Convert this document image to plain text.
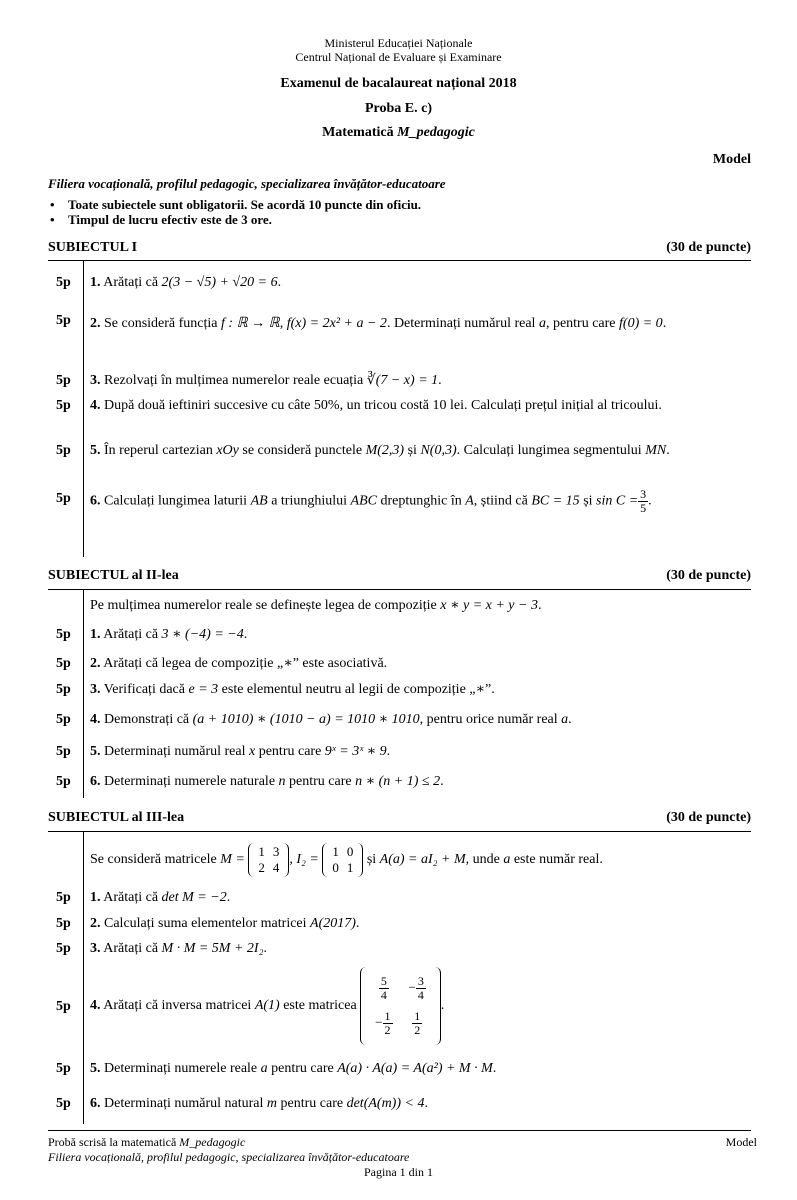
Ministerul Educației Naționale
Centrul Național de Evaluare și Examinare
Examenul de bacalaureat național 2018
Proba E. c)
Matematică M_pedagogic
Model
Filiera vocațională, profilul pedagogic, specializarea învățător-educatoare
• Toate subiectele sunt obligatorii. Se acordă 10 puncte din oficiu.
• Timpul de lucru efectiv este de 3 ore.
SUBIECTUL I	(30 de puncte)
5p 1. Arătați că 2(3 − √5) + √20 = 6.
5p 2. Se consideră funcția f : ℝ → ℝ, f(x) = 2x² + a − 2. Determinați numărul real a, pentru care f(0) = 0.
5p 3. Rezolvați în mulțimea numerelor reale ecuația ∛(7 − x) = 1.
5p 4. După două ieftiniri succesive cu câte 50%, un tricou costă 10 lei. Calculați prețul inițial al tricoului.
5p 5. În reperul cartezian xOy se consideră punctele M(2,3) și N(0,3). Calculați lungimea segmentului MN.
5p 6. Calculați lungimea laturii AB a triunghiului ABC dreptunghic în A, știind că BC = 15 și $\sin C = \frac{3}{5}$ .
SUBIECTUL al II-lea	(30 de puncte)
Pe mulțimea numerelor reale se definește legea de compoziție x ∗ y = x + y − 3.
5p 1. Arătați că 3 ∗ (−4) = −4.
5p 2. Arătați că legea de compoziție „∗” este asociativă.
5p 3. Verificați dacă e = 3 este elementul neutru al legii de compoziție „∗”.
5p 4. Demonstrați că (a + 1010) ∗ (1010 − a) = 1010 ∗ 1010, pentru orice număr real a.
5p 5. Determinați numărul real x pentru care 9ˣ = 3ˣ ∗ 9.
5p 6. Determinați numerele naturale n pentru care n ∗ (n + 1) ≤ 2.
SUBIECTUL al III-lea	(30 de puncte)
Se consideră matricele M =
1	3
2	4
, I₂ =
1	0
0	1
și A(a) = aI₂ + M, unde a este număr real.
5p 1. Arătați că det M = −2.
5p 2. Calculați suma elementelor matricei A(2017).
5p 3. Arătați că M · M = 5M + 2I₂.
5p 4. Arătați că inversa matricei A(1) este matricea
$\frac{5}{4}$	− $\frac{3}{4}$

− $\frac{1}{2}$	$\frac{1}{2}$
.
5p 5. Determinați numerele reale a pentru care A(a) · A(a) = A(a²) + M · M.
5p 6. Determinați numărul natural m pentru care det(A(m)) < 4.
Probă scrisă la matematică M_pedagogic	Model
Filiera vocațională, profilul pedagogic, specializarea învățător-educatoare
Pagina 1 din 1
